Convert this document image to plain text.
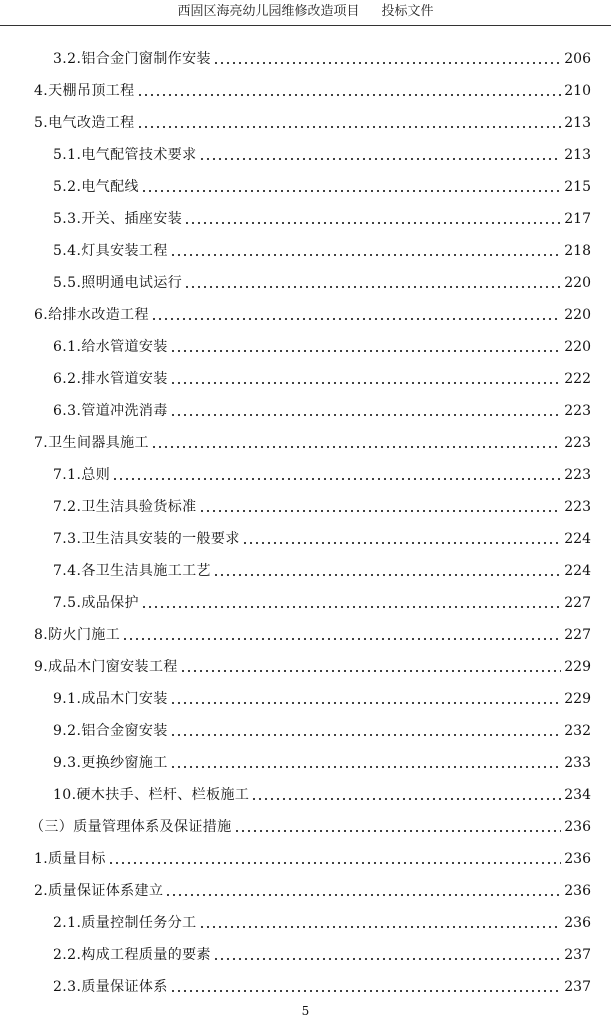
西固区海亮幼儿园维修改造项目 投标文件
3.2.铝合金门窗制作安装	206
4.天棚吊顶工程	210
5.电气改造工程	213
5.1.电气配管技术要求	213
5.2.电气配线	215
5.3.开关、插座安装	217
5.4.灯具安装工程	218
5.5.照明通电试运行	220
6.给排水改造工程	220
6.1.给水管道安装	220
6.2.排水管道安装	222
6.3.管道冲洗消毒	223
7.卫生间器具施工	223
7.1.总则	223
7.2.卫生洁具验货标准	223
7.3.卫生洁具安装的一般要求	224
7.4.各卫生洁具施工工艺	224
7.5.成品保护	227
8.防火门施工	227
9.成品木门窗安装工程	229
9.1.成品木门安装	229
9.2.铝合金窗安装	232
9.3.更换纱窗施工	233
10.硬木扶手、栏杆、栏板施工	234
（三）质量管理体系及保证措施	236
1.质量目标	236
2.质量保证体系建立	236
2.1.质量控制任务分工	236
2.2.构成工程质量的要素	237
2.3.质量保证体系	237
5
